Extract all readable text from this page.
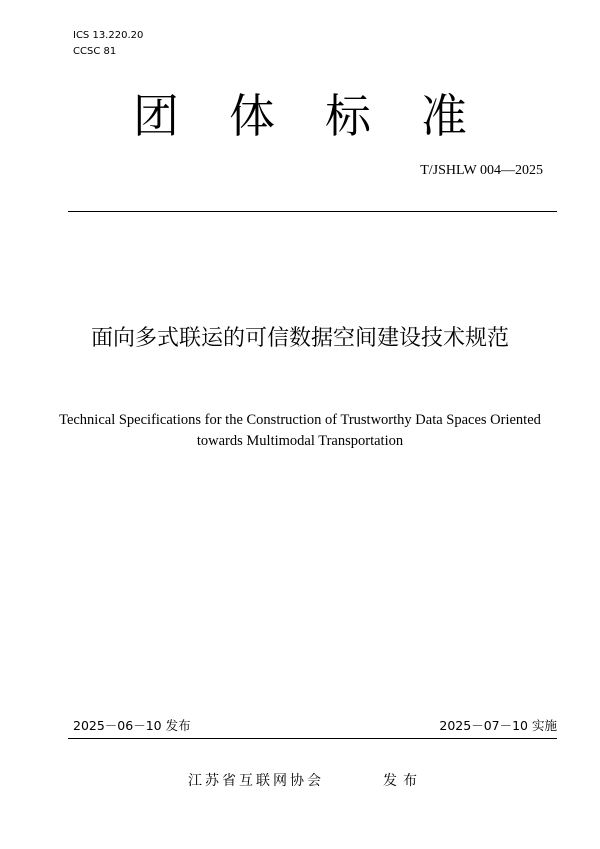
ICS 13.220.20
CCSC 81
团体标准
T/JSHLW 004—2025
面向多式联运的可信数据空间建设技术规范
Technical Specifications for the Construction of Trustworthy Data Spaces Oriented towards Multimodal Transportation
2025－06－10 发布	2025－07－10 实施
江苏省互联网协会	发布
